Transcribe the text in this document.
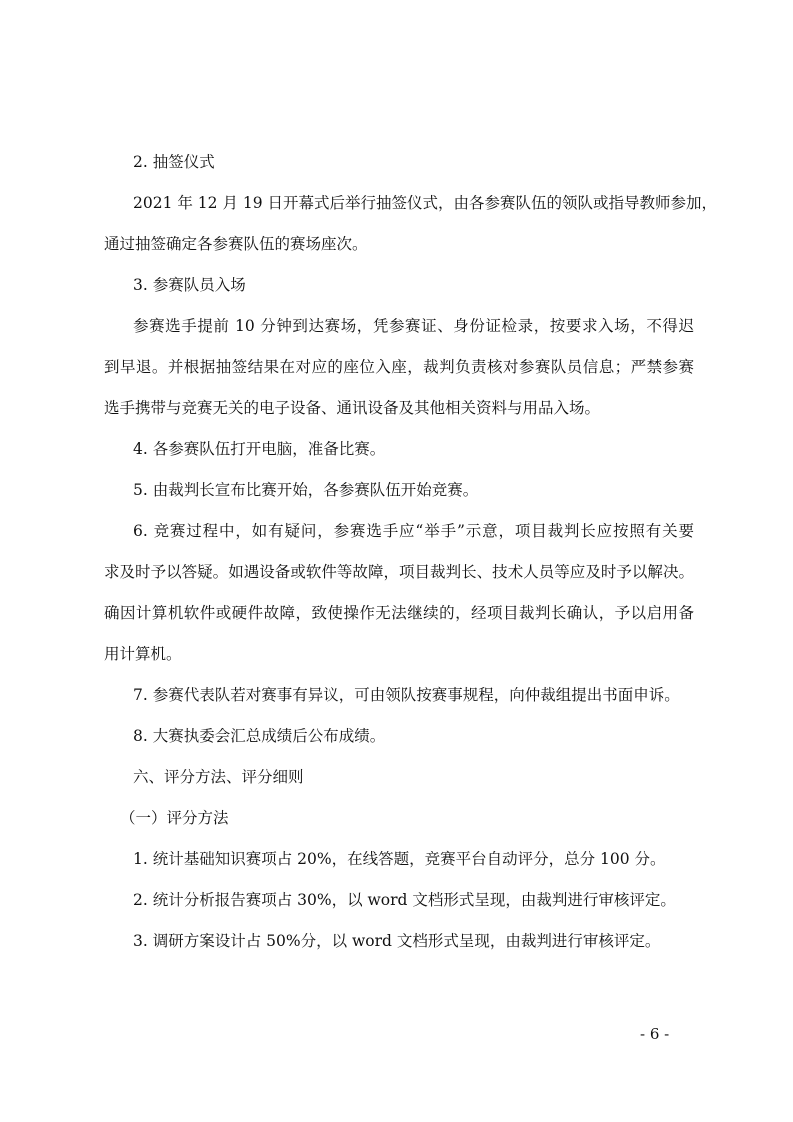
2. 抽签仪式
2021 年 12 月 19 日开幕式后举行抽签仪式，由各参赛队伍的领队或指导教师参加，
通过抽签确定各参赛队伍的赛场座次。
3. 参赛队员入场
参赛选手提前 10 分钟到达赛场，凭参赛证、身份证检录，按要求入场，不得迟
到早退。并根据抽签结果在对应的座位入座，裁判负责核对参赛队员信息；严禁参赛
选手携带与竞赛无关的电子设备、通讯设备及其他相关资料与用品入场。
4. 各参赛队伍打开电脑，准备比赛。
5. 由裁判长宣布比赛开始，各参赛队伍开始竞赛。
6. 竞赛过程中，如有疑问，参赛选手应“举手”示意，项目裁判长应按照有关要
求及时予以答疑。如遇设备或软件等故障，项目裁判长、技术人员等应及时予以解决。
确因计算机软件或硬件故障，致使操作无法继续的，经项目裁判长确认，予以启用备
用计算机。
7. 参赛代表队若对赛事有异议，可由领队按赛事规程，向仲裁组提出书面申诉。
8. 大赛执委会汇总成绩后公布成绩。
六、评分方法、评分细则
（一）评分方法
1. 统计基础知识赛项占 20%，在线答题，竞赛平台自动评分，总分 100 分。
2. 统计分析报告赛项占 30%，以 word 文档形式呈现，由裁判进行审核评定。
3. 调研方案设计占 50%分，以 word 文档形式呈现，由裁判进行审核评定。
- 6 -
